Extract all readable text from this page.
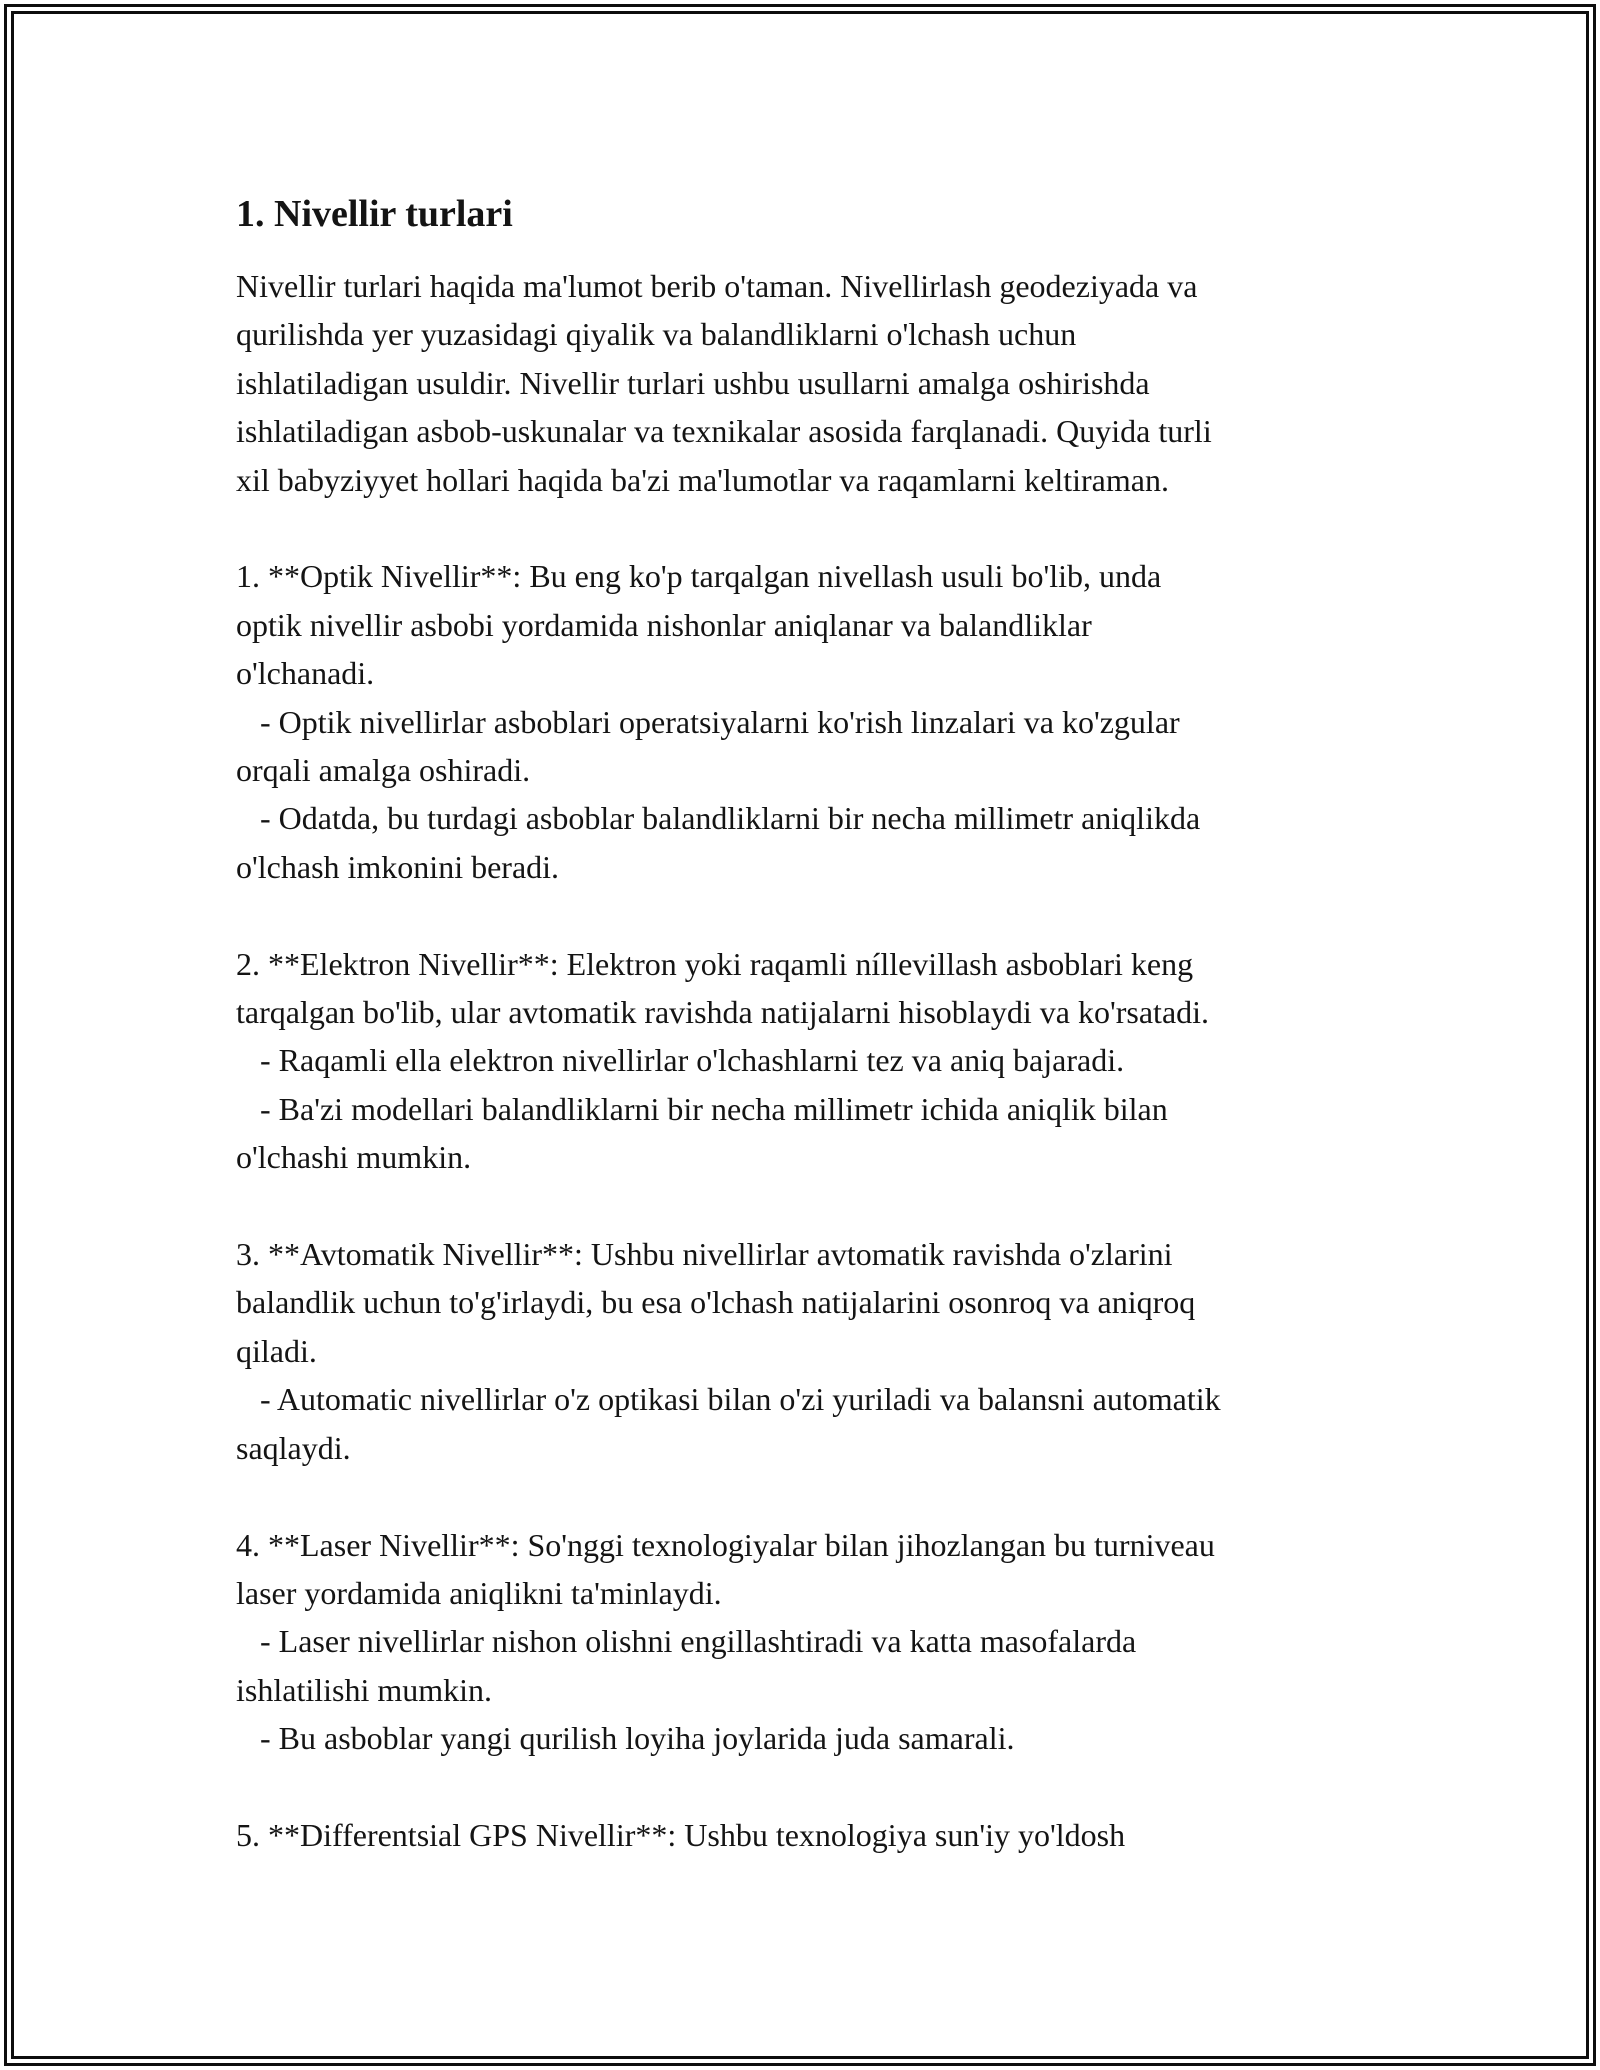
1. Nivellir turlari
Nivellir turlari haqida ma'lumot berib o'taman. Nivellirlash geodeziyada va
qurilishda yer yuzasidagi qiyalik va balandliklarni o'lchash uchun
ishlatiladigan usuldir. Nivellir turlari ushbu usullarni amalga oshirishda
ishlatiladigan asbob-uskunalar va texnikalar asosida farqlanadi. Quyida turli
xil babyziyyet hollari haqida ba'zi ma'lumotlar va raqamlarni keltiraman.
1. **Optik Nivellir**: Bu eng ko'p tarqalgan nivellash usuli bo'lib, unda
optik nivellir asbobi yordamida nishonlar aniqlanar va balandliklar
o'lchanadi.
- Optik nivellirlar asboblari operatsiyalarni ko'rish linzalari va ko'zgular
orqali amalga oshiradi.
- Odatda, bu turdagi asboblar balandliklarni bir necha millimetr aniqlikda
o'lchash imkonini beradi.
2. **Elektron Nivellir**: Elektron yoki raqamli níllevillash asboblari keng
tarqalgan bo'lib, ular avtomatik ravishda natijalarni hisoblaydi va ko'rsatadi.
- Raqamli ella elektron nivellirlar o'lchashlarni tez va aniq bajaradi.
- Ba'zi modellari balandliklarni bir necha millimetr ichida aniqlik bilan
o'lchashi mumkin.
3. **Avtomatik Nivellir**: Ushbu nivellirlar avtomatik ravishda o'zlarini
balandlik uchun to'g'irlaydi, bu esa o'lchash natijalarini osonroq va aniqroq
qiladi.
- Automatic nivellirlar o'z optikasi bilan o'zi yuriladi va balansni automatik
saqlaydi.
4. **Laser Nivellir**: So'nggi texnologiyalar bilan jihozlangan bu turniveau
laser yordamida aniqlikni ta'minlaydi.
- Laser nivellirlar nishon olishni engillashtiradi va katta masofalarda
ishlatilishi mumkin.
- Bu asboblar yangi qurilish loyiha joylarida juda samarali.
5. **Differentsial GPS Nivellir**: Ushbu texnologiya sun'iy yo'ldosh
